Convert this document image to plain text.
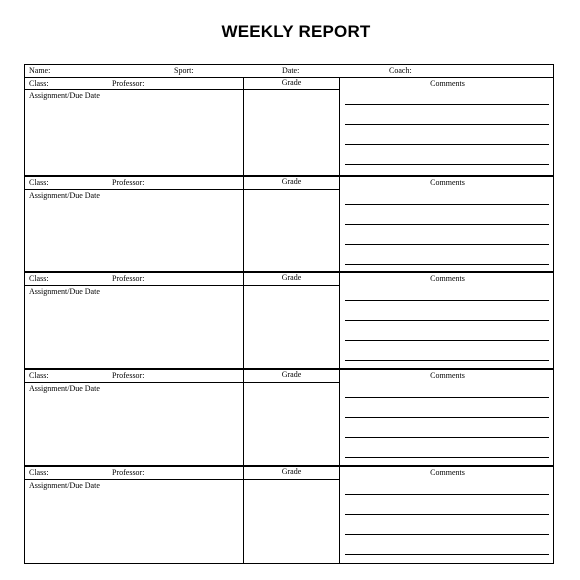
WEEKLY REPORT
Name:	Sport:	Date:	Coach:
Class:	Professor:	Grade	Comments
Assignment/Due Date
Class:	Professor:	Grade	Comments
Assignment/Due Date
Class:	Professor:	Grade	Comments
Assignment/Due Date
Class:	Professor:	Grade	Comments
Assignment/Due Date
Class:	Professor:	Grade	Comments
Assignment/Due Date
